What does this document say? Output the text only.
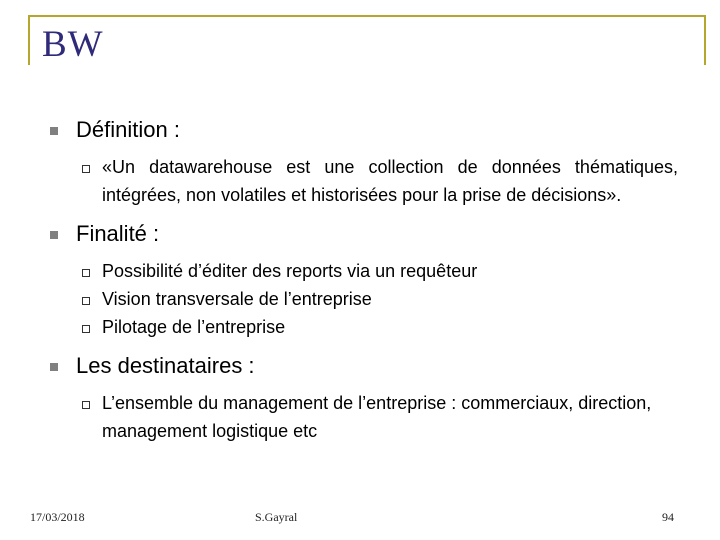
BW
Définition :
«Un datawarehouse est une collection de données thématiques, intégrées, non volatiles et historisées pour la prise de décisions».
Finalité :
Possibilité d’éditer des reports via un requêteur
Vision transversale de l’entreprise
Pilotage de l’entreprise
Les destinataires :
L’ensemble du management de l’entreprise : commerciaux, direction, management logistique etc
17/03/2018	S.Gayral	94
